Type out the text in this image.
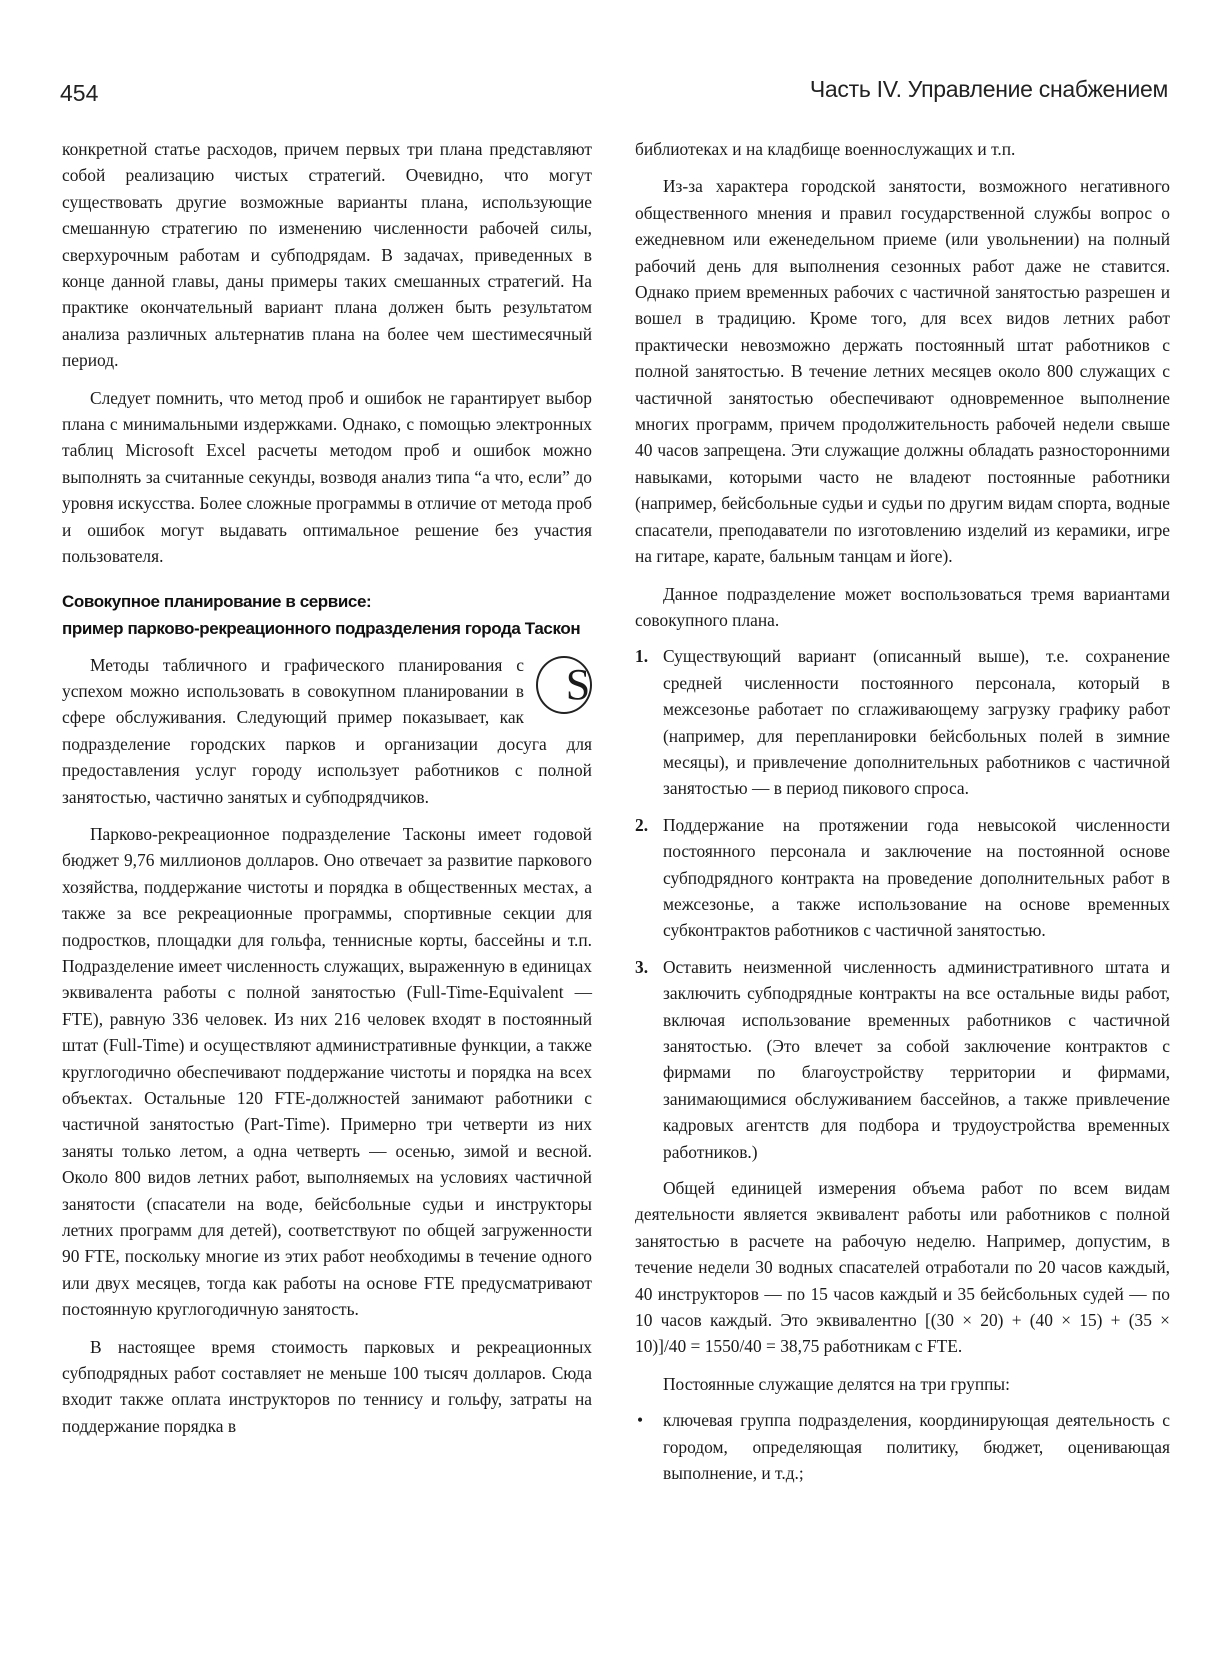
454	Часть IV. Управление снабжением

конкретной статье расходов, причем первых три плана представляют собой реализацию чистых стратегий. Очевидно, что могут существовать другие возможные варианты плана, использующие смешанную стратегию по изменению численности рабочей силы, сверхурочным работам и субподрядам. В задачах, приведенных в конце данной главы, даны примеры таких смешанных стратегий. На практике окончательный вариант плана должен быть результатом анализа различных альтернатив плана на более чем шестимесячный период.

Следует помнить, что метод проб и ошибок не гарантирует выбор плана с минимальными издержками. Однако, с помощью электронных таблиц Microsoft Excel расчеты методом проб и ошибок можно выполнять за считанные секунды, возводя анализ типа “а что, если” до уровня искусства. Более сложные программы в отличие от метода проб и ошибок могут выдавать оптимальное решение без участия пользователя.

Совокупное планирование в сервисе:
пример парково-рекреационного подразделения города Таскон

S
Методы табличного и графического планирования с успехом можно использовать в совокупном планировании в сфере обслуживания. Следующий пример показывает, как подразделение городских парков и организации досуга для предоставления услуг городу использует работников с полной занятостью, частично занятых и субподрядчиков.

Парково-рекреационное подразделение Тасконы имеет годовой бюджет 9,76 миллионов долларов. Оно отвечает за развитие паркового хозяйства, поддержание чистоты и порядка в общественных местах, а также за все рекреационные программы, спортивные секции для подростков, площадки для гольфа, теннисные корты, бассейны и т.п. Подразделение имеет численность служащих, выраженную в единицах эквивалента работы с полной занятостью (Full-Time-Equivalent — FTE), равную 336 человек. Из них 216 человек входят в постоянный штат (Full-Time) и осуществляют административные функции, а также круглогодично обеспечивают поддержание чистоты и порядка на всех объектах. Остальные 120 FTE-должностей занимают работники с частичной занятостью (Part-Time). Примерно три четверти из них заняты только летом, а одна четверть — осенью, зимой и весной. Около 800 видов летних работ, выполняемых на условиях частичной занятости (спасатели на воде, бейсбольные судьи и инструкторы летних программ для детей), соответствуют по общей загруженности 90 FTE, поскольку многие из этих работ необходимы в течение одного или двух месяцев, тогда как работы на основе FTE предусматривают постоянную круглогодичную занятость.

В настоящее время стоимость парковых и рекреационных субподрядных работ составляет не меньше 100 тысяч долларов. Сюда входит также оплата инструкторов по теннису и гольфу, затраты на поддержание порядка в

библиотеках и на кладбище военнослужащих и т.п.

Из-за характера городской занятости, возможного негативного общественного мнения и правил государственной службы вопрос о ежедневном или еженедельном приеме (или увольнении) на полный рабочий день для выполнения сезонных работ даже не ставится. Однако прием временных рабочих с частичной занятостью разрешен и вошел в традицию. Кроме того, для всех видов летних работ практически невозможно держать постоянный штат работников с полной занятостью. В течение летних месяцев около 800 служащих с частичной занятостью обеспечивают одновременное выполнение многих программ, причем продолжительность рабочей недели свыше 40 часов запрещена. Эти служащие должны обладать разносторонними навыками, которыми часто не владеют постоянные работники (например, бейсбольные судьи и судьи по другим видам спорта, водные спасатели, преподаватели по изготовлению изделий из керамики, игре на гитаре, карате, бальным танцам и йоге).

Данное подразделение может воспользоваться тремя вариантами совокупного плана.

1. Существующий вариант (описанный выше), т.е. сохранение средней численности постоянного персонала, который в межсезонье работает по сглаживающему загрузку графику работ (например, для перепланировки бейсбольных полей в зимние месяцы), и привлечение дополнительных работников с частичной занятостью — в период пикового спроса.

2. Поддержание на протяжении года невысокой численности постоянного персонала и заключение на постоянной основе субподрядного контракта на проведение дополнительных работ в межсезонье, а также использование на основе временных субконтрактов работников с частичной занятостью.

3. Оставить неизменной численность административного штата и заключить субподрядные контракты на все остальные виды работ, включая использование временных работников с частичной занятостью. (Это влечет за собой заключение контрактов с фирмами по благоустройству территории и фирмами, занимающимися обслуживанием бассейнов, а также привлечение кадровых агентств для подбора и трудоустройства временных работников.)

Общей единицей измерения объема работ по всем видам деятельности является эквивалент работы или работников с полной занятостью в расчете на рабочую неделю. Например, допустим, в течение недели 30 водных спасателей отработали по 20 часов каждый, 40 инструкторов — по 15 часов каждый и 35 бейсбольных судей — по 10 часов каждый. Это эквивалентно [(30 × 20) + (40 × 15) + (35 × 10)]/40 = 1550/40 = 38,75 работникам с FTE.

Постоянные служащие делятся на три группы:

• ключевая группа подразделения, координирующая деятельность с городом, определяющая политику, бюджет, оценивающая выполнение, и т.д.;
